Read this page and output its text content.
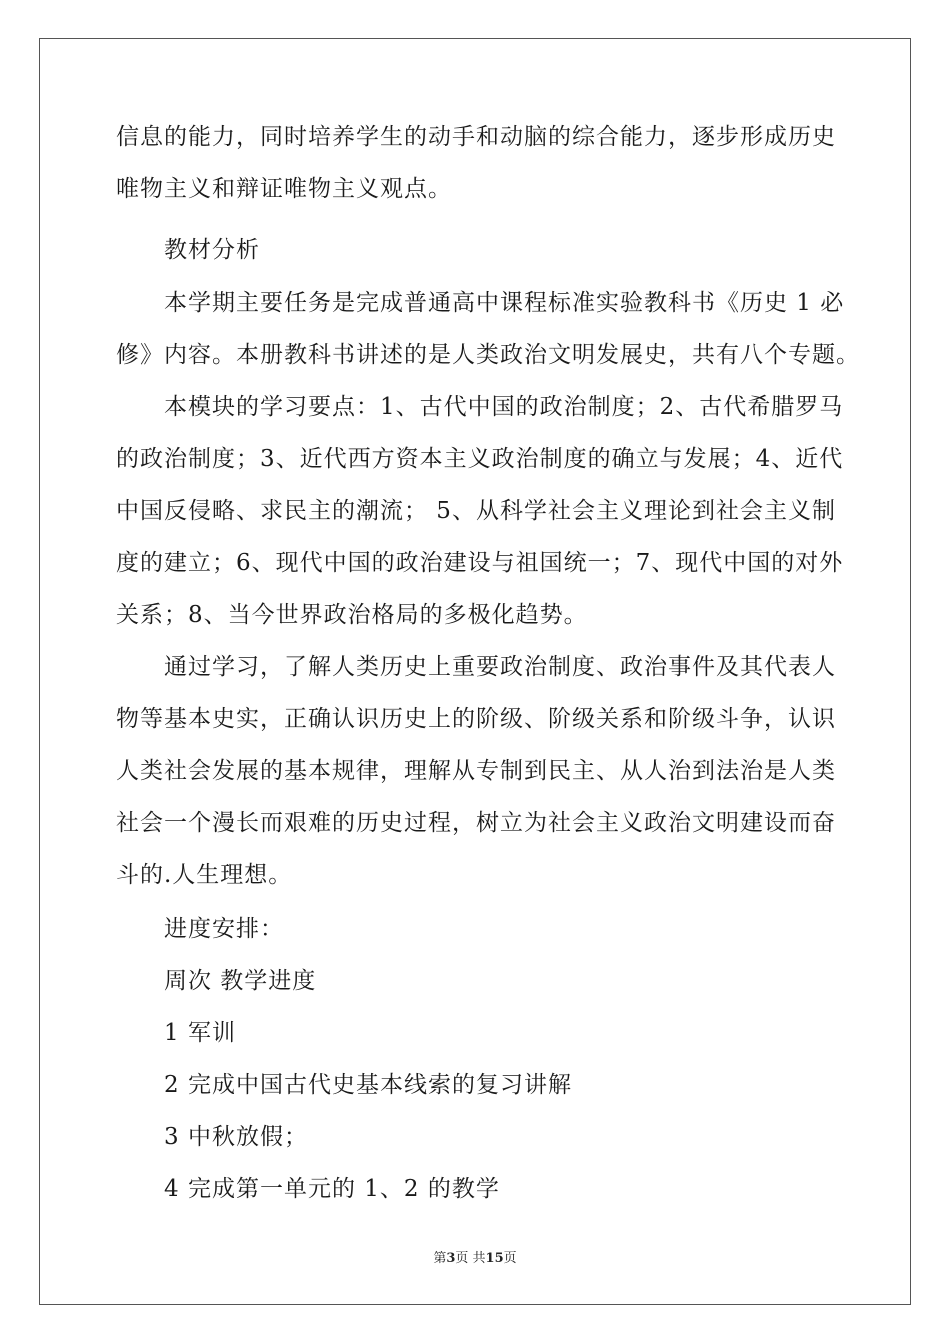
信息的能力，同时培养学生的动手和动脑的综合能力，逐步形成历史
唯物主义和辩证唯物主义观点。
教材分析
本学期主要任务是完成普通高中课程标准实验教科书《历史 1 必
修》内容。本册教科书讲述的是人类政治文明发展史，共有八个专题。
本模块的学习要点：1、古代中国的政治制度；2、古代希腊罗马
的政治制度；3、近代西方资本主义政治制度的确立与发展；4、近代
中国反侵略、求民主的潮流； 5、从科学社会主义理论到社会主义制
度的建立；6、现代中国的政治建设与祖国统一；7、现代中国的对外
关系；8、当今世界政治格局的多极化趋势。
通过学习，了解人类历史上重要政治制度、政治事件及其代表人
物等基本史实，正确认识历史上的阶级、阶级关系和阶级斗争，认识
人类社会发展的基本规律，理解从专制到民主、从人治到法治是人类
社会一个漫长而艰难的历史过程，树立为社会主义政治文明建设而奋
斗的.人生理想。
进度安排：
周次 教学进度
1 军训
2 完成中国古代史基本线索的复习讲解
3 中秋放假；
4 完成第一单元的 1、2 的教学
第3页 共15页
